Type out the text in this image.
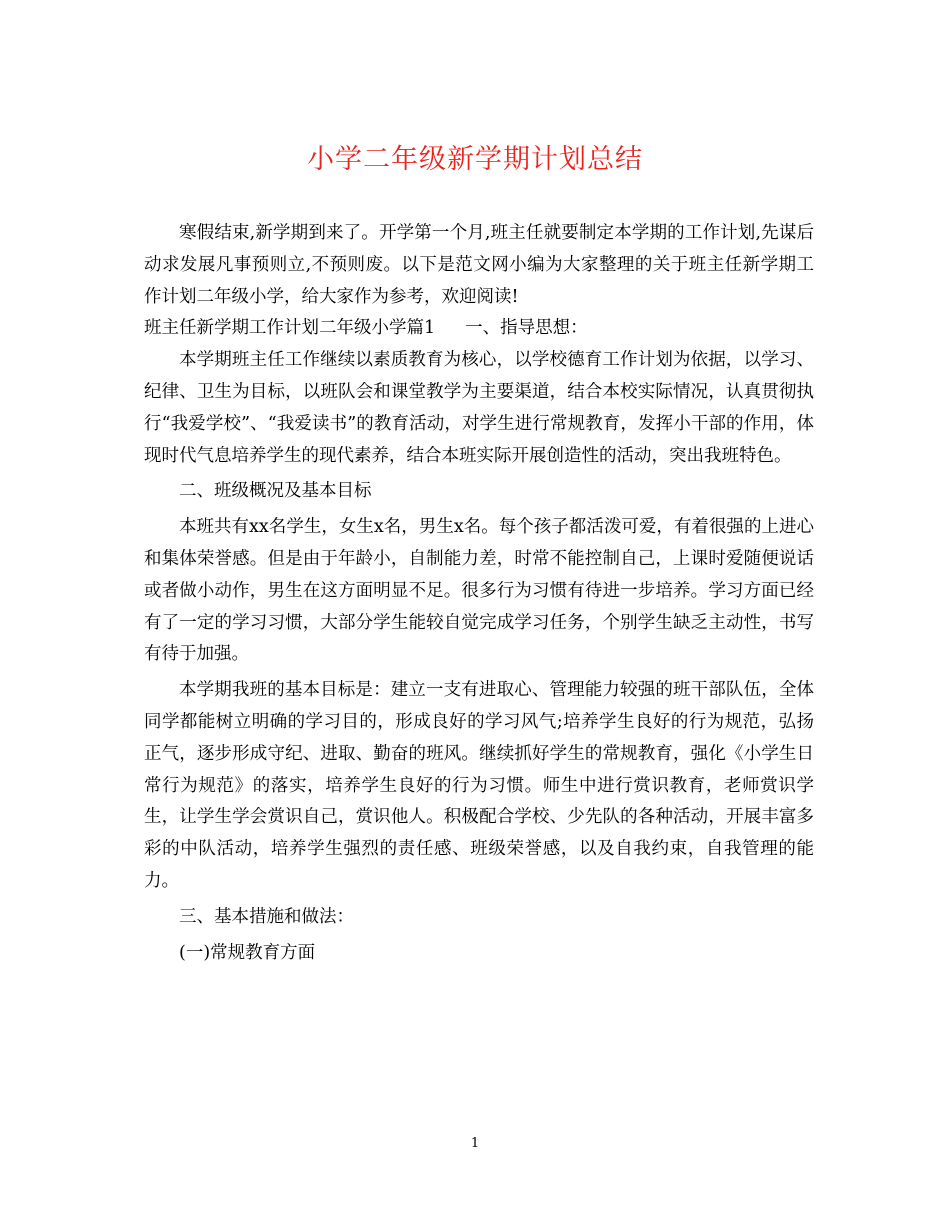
小学二年级新学期计划总结

寒假结束,新学期到来了。开学第一个月,班主任就要制定本学期的工作计划,先谋后动求发展凡事预则立,不预则废。以下是范文网小编为大家整理的关于班主任新学期工作计划二年级小学，给大家作为参考，欢迎阅读!

班主任新学期工作计划二年级小学篇1 一、指导思想：

本学期班主任工作继续以素质教育为核心，以学校德育工作计划为依据，以学习、纪律、卫生为目标，以班队会和课堂教学为主要渠道，结合本校实际情况，认真贯彻执行“我爱学校”、“我爱读书”的教育活动，对学生进行常规教育，发挥小干部的作用，体现时代气息培养学生的现代素养，结合本班实际开展创造性的活动，突出我班特色。

二、班级概况及基本目标

本班共有xx名学生，女生x名，男生x名。每个孩子都活泼可爱，有着很强的上进心和集体荣誉感。但是由于年龄小，自制能力差，时常不能控制自己，上课时爱随便说话或者做小动作，男生在这方面明显不足。很多行为习惯有待进一步培养。学习方面已经有了一定的学习习惯，大部分学生能较自觉完成学习任务，个别学生缺乏主动性，书写有待于加强。

本学期我班的基本目标是：建立一支有进取心、管理能力较强的班干部队伍，全体同学都能树立明确的学习目的，形成良好的学习风气;培养学生良好的行为规范，弘扬正气，逐步形成守纪、进取、勤奋的班风。继续抓好学生的常规教育，强化《小学生日常行为规范》的落实，培养学生良好的行为习惯。师生中进行赏识教育，老师赏识学生，让学生学会赏识自己，赏识他人。积极配合学校、少先队的各种活动，开展丰富多彩的中队活动，培养学生强烈的责任感、班级荣誉感，以及自我约束，自我管理的能力。

三、基本措施和做法：

(一)常规教育方面

1
